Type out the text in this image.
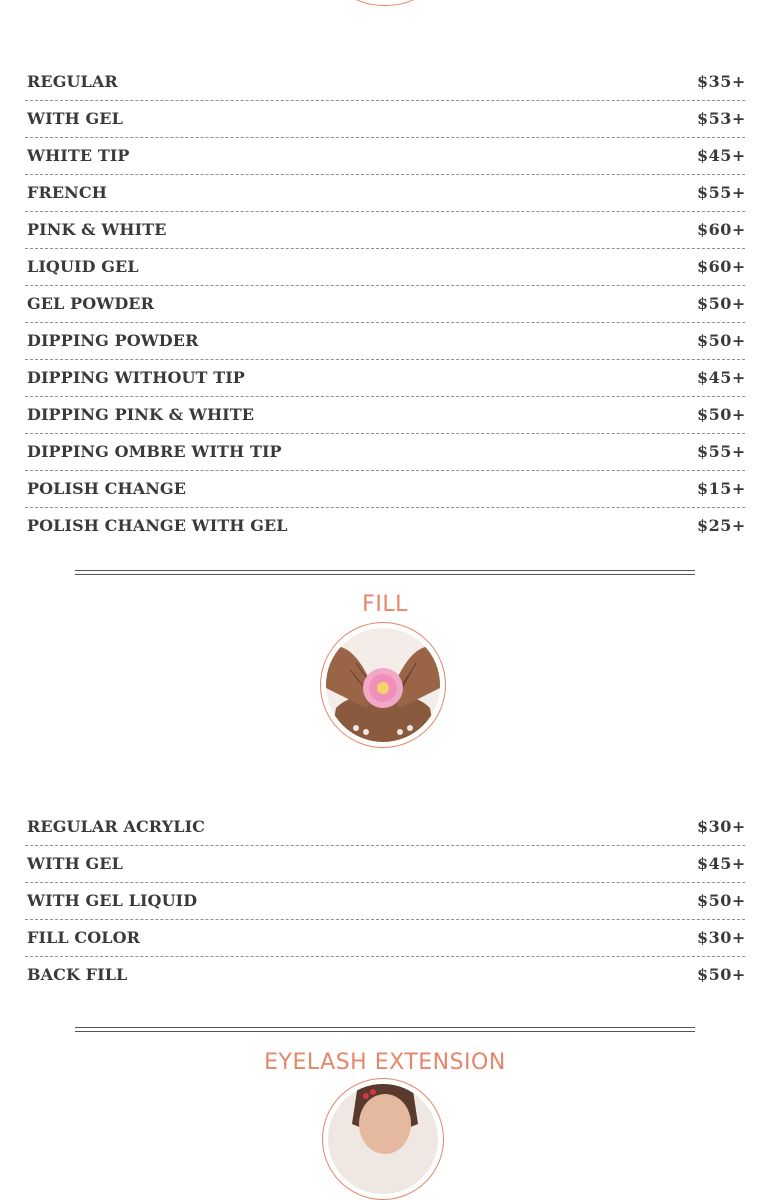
REGULAR	$35+
WITH GEL	$53+
WHITE TIP	$45+
FRENCH	$55+
PINK & WHITE	$60+
LIQUID GEL	$60+
GEL POWDER	$50+
DIPPING POWDER	$50+
DIPPING WITHOUT TIP	$45+
DIPPING PINK & WHITE	$50+
DIPPING OMBRE WITH TIP	$55+
POLISH CHANGE	$15+
POLISH CHANGE WITH GEL	$25+
FILL
REGULAR ACRYLIC	$30+
WITH GEL	$45+
WITH GEL LIQUID	$50+
FILL COLOR	$30+
BACK FILL	$50+
EYELASH EXTENSION
